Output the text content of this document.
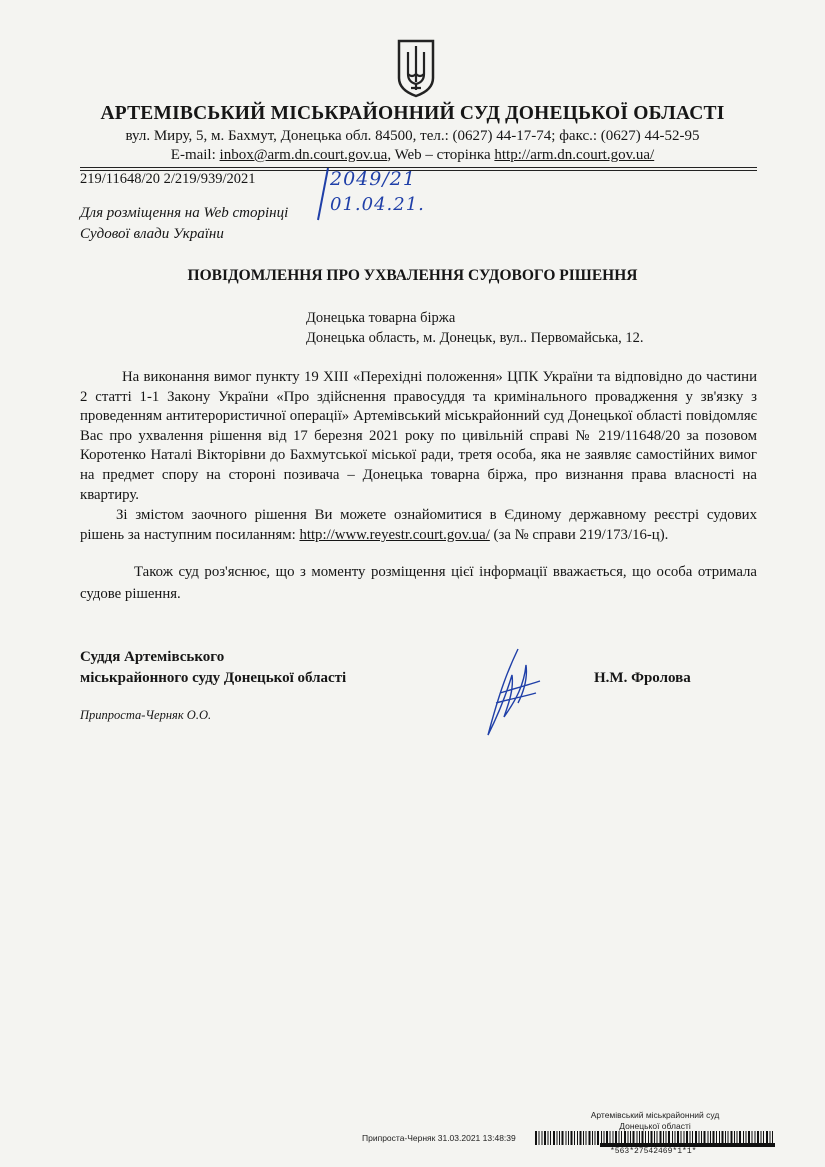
АРТЕМІВСЬКИЙ МІСЬКРАЙОННИЙ СУД ДОНЕЦЬКОЇ ОБЛАСТІ
вул. Миру, 5, м. Бахмут, Донецька обл. 84500, тел.: (0627) 44-17-74; факс.: (0627) 44-52-95
E-mail: inbox@arm.dn.court.gov.ua, Web – сторінка http://arm.dn.court.gov.ua/
219/11648/20 2/219/939/2021	2049/21
01.04.21.
Для розміщення на Web сторінці
Судової влади України
ПОВІДОМЛЕННЯ ПРО УХВАЛЕННЯ СУДОВОГО РІШЕННЯ
Донецька товарна біржа
Донецька область, м. Донецьк, вул.. Первомайська, 12.

На виконання вимог пункту 19 XIII «Перехідні положення» ЦПК України та відповідно до частини 2 статті 1-1 Закону України «Про здійснення правосуддя та кримінального провадження у зв'язку з проведенням антитерористичної операції» Артемівський міськрайонний суд Донецької області повідомляє Вас про ухвалення рішення від 17 березня 2021 року по цивільній справі № 219/11648/20 за позовом Коротенко Наталі Вікторівни до Бахмутської міської ради, третя особа, яка не заявляє самостійних вимог на предмет спору на стороні позивача – Донецька товарна біржа, про визнання права власності на квартиру.

Зі змістом заочного рішення Ви можете ознайомитися в Єдиному державному реєстрі судових рішень за наступним посиланням: http://www.reyestr.court.gov.ua/ (за № справи 219/173/16-ц).

Також суд роз'яснює, що з моменту розміщення цієї інформації вважається, що особа отримала судове рішення.

Суддя Артемівського
міськрайонного суду Донецької області	Н.М. Фролова
Припроста-Черняк О.О.
Артемівський міськрайонний суд
Донецької області
Припроста-Черняк 31.03.2021 13:48:39
*563*27542469*1*1*
